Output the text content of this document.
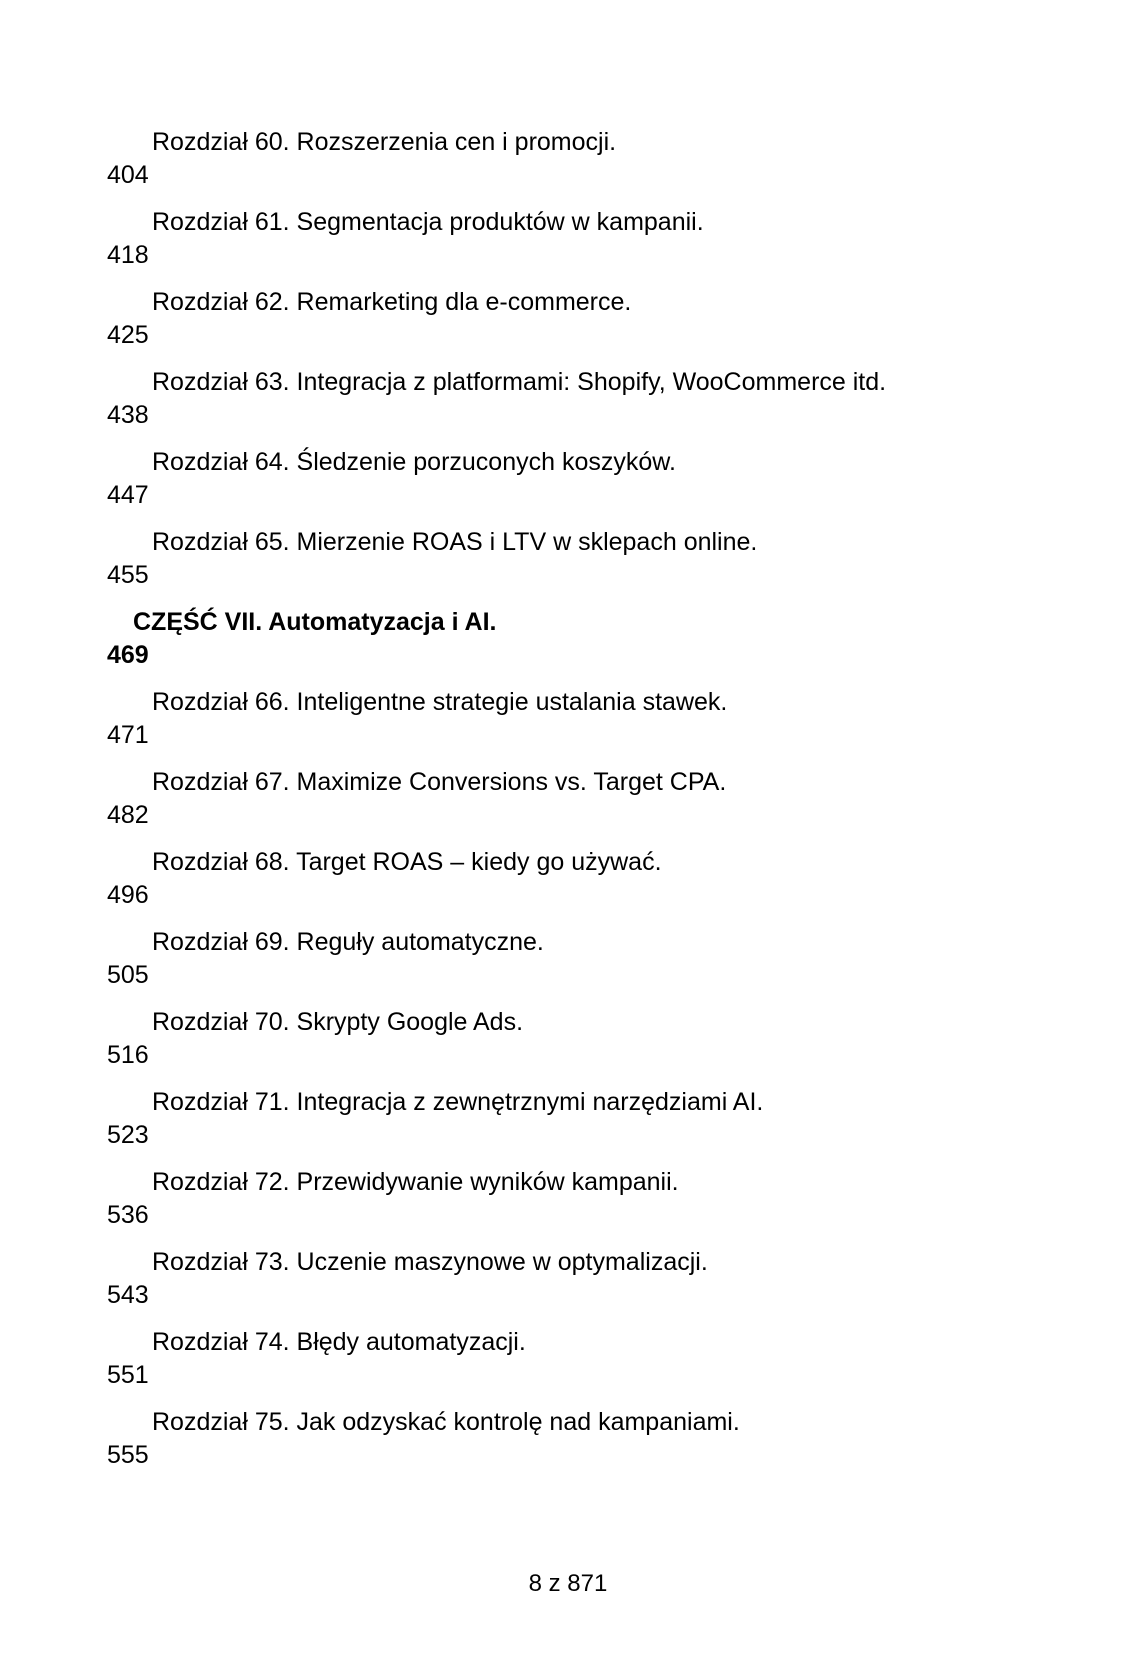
Rozdział 60. Rozszerzenia cen i promocji.
404
Rozdział 61. Segmentacja produktów w kampanii.
418
Rozdział 62. Remarketing dla e-commerce.
425
Rozdział 63. Integracja z platformami: Shopify, WooCommerce itd.
438
Rozdział 64. Śledzenie porzuconych koszyków.
447
Rozdział 65. Mierzenie ROAS i LTV w sklepach online.
455
CZĘŚĆ VII. Automatyzacja i AI.
469
Rozdział 66. Inteligentne strategie ustalania stawek.
471
Rozdział 67. Maximize Conversions vs. Target CPA.
482
Rozdział 68. Target ROAS – kiedy go używać.
496
Rozdział 69. Reguły automatyczne.
505
Rozdział 70. Skrypty Google Ads.
516
Rozdział 71. Integracja z zewnętrznymi narzędziami AI.
523
Rozdział 72. Przewidywanie wyników kampanii.
536
Rozdział 73. Uczenie maszynowe w optymalizacji.
543
Rozdział 74. Błędy automatyzacji.
551
Rozdział 75. Jak odzyskać kontrolę nad kampaniami.
555
8 z 871
